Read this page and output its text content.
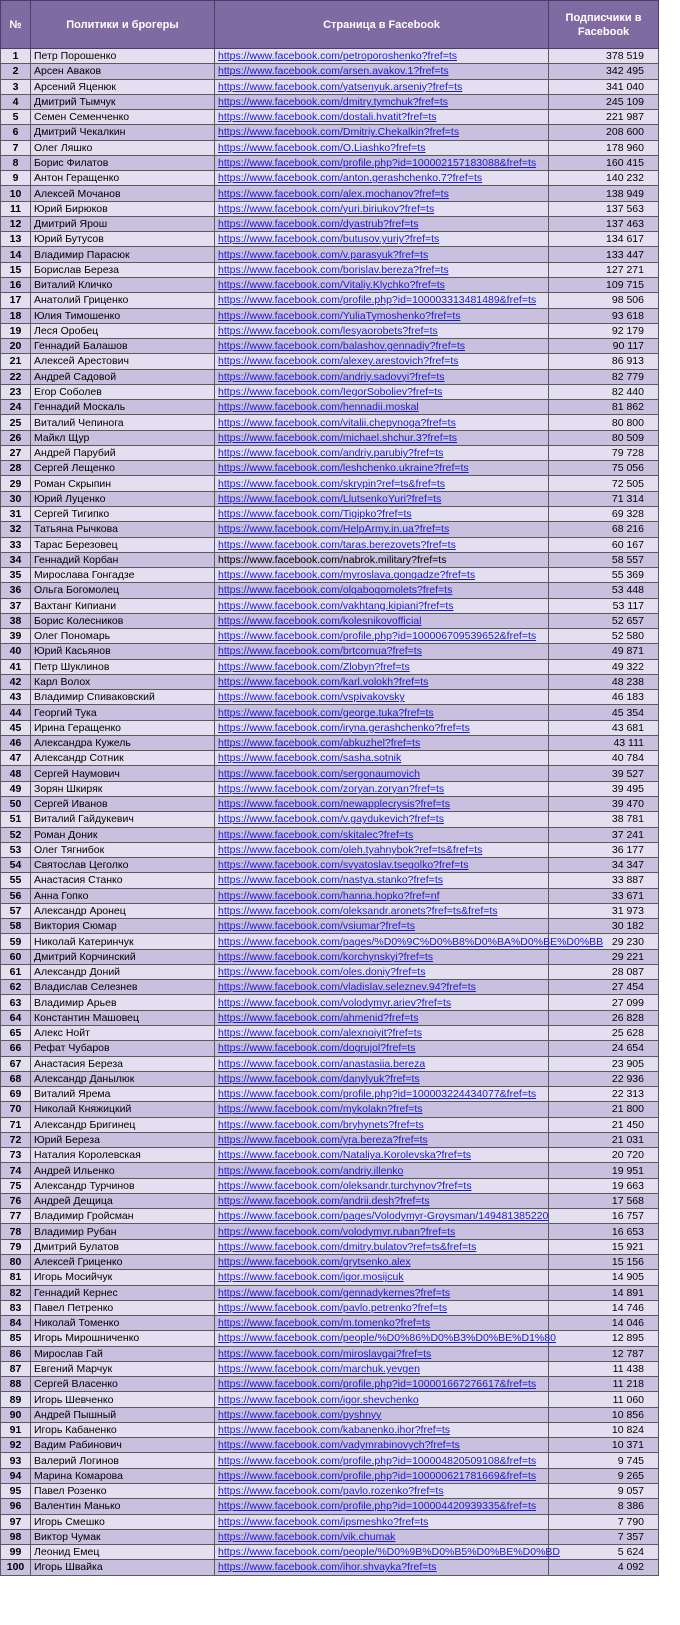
№	Политики и брогеры	Страница в Facebook	Подписчики в Facebook
1	Петр Порошенко	https://www.facebook.com/petroporoshenko?fref=ts	378 519
2	Арсен Аваков	https://www.facebook.com/arsen.avakov.1?fref=ts	342 495
3	Арсений Яценюк	https://www.facebook.com/yatsenyuk.arseniy?fref=ts	341 040
4	Дмитрий Тымчук	https://www.facebook.com/dmitry.tymchuk?fref=ts	245 109
5	Семен Семенченко	https://www.facebook.com/dostali.hvatit?fref=ts	221 987
6	Дмитрий Чекалкин	https://www.facebook.com/Dmitriy.Chekalkin?fref=ts	208 600
7	Олег Ляшко	https://www.facebook.com/O.Liashko?fref=ts	178 960
8	Борис Филатов	https://www.facebook.com/profile.php?id=100002157183088&fref=ts	160 415
9	Антон Геращенко	https://www.facebook.com/anton.gerashchenko.7?fref=ts	140 232
10	Алексей Мочанов	https://www.facebook.com/alex.mochanov?fref=ts	138 949
11	Юрий Бирюков	https://www.facebook.com/yuri.biriukov?fref=ts	137 563
12	Дмитрий Ярош	https://www.facebook.com/dyastrub?fref=ts	137 463
13	Юрий Бутусов	https://www.facebook.com/butusov.yuriy?fref=ts	134 617
14	Владимир Парасюк	https://www.facebook.com/v.parasyuk?fref=ts	133 447
15	Борислав Береза	https://www.facebook.com/borislav.bereza?fref=ts	127 271
16	Виталий Кличко	https://www.facebook.com/Vitaliy.Klychko?fref=ts	109 715
17	Анатолий Гриценко	https://www.facebook.com/profile.php?id=100003313481489&fref=ts	98 506
18	Юлия Тимошенко	https://www.facebook.com/YuliaTymoshenko?fref=ts	93 618
19	Леся Оробец	https://www.facebook.com/lesyaorobets?fref=ts	92 179
20	Геннадий Балашов	https://www.facebook.com/balashov.gennadiy?fref=ts	90 117
21	Алексей Арестович	https://www.facebook.com/alexey.arestovich?fref=ts	86 913
22	Андрей Садовой	https://www.facebook.com/andriy.sadovyi?fref=ts	82 779
23	Егор Соболев	https://www.facebook.com/IegorSoboliev?fref=ts	82 440
24	Геннадий Москаль	https://www.facebook.com/hennadii.moskal	81 862
25	Виталий Чепинога	https://www.facebook.com/vitalii.chepynoga?fref=ts	80 800
26	Майкл Щур	https://www.facebook.com/michael.shchur.3?fref=ts	80 509
27	Андрей Парубий	https://www.facebook.com/andriy.parubiy?fref=ts	79 728
28	Сергей Лещенко	https://www.facebook.com/leshchenko.ukraine?fref=ts	75 056
29	Роман Скрыпин	https://www.facebook.com/skrypin?ref=ts&fref=ts	72 505
30	Юрий Луценко	https://www.facebook.com/LlutsenkoYuri?fref=ts	71 314
31	Сергей Тигипко	https://www.facebook.com/Tigipko?fref=ts	69 328
32	Татьяна Рычкова	https://www.facebook.com/HelpArmy.in.ua?fref=ts	68 216
33	Тарас Березовец	https://www.facebook.com/taras.berezovets?fref=ts	60 167
34	Геннадий Корбан	https://www.facebook.com/nabrok.military?fref=ts	58 557
35	Мирослава Гонгадзе	https://www.facebook.com/myroslava.gongadze?fref=ts	55 369
36	Ольга Богомолец	https://www.facebook.com/olgabogomolets?fref=ts	53 448
37	Вахтанг Кипиани	https://www.facebook.com/vakhtang.kipiani?fref=ts	53 117
38	Борис Колесников	https://www.facebook.com/kolesnikovofficial	52 657
39	Олег Пономарь	https://www.facebook.com/profile.php?id=100006709539652&fref=ts	52 580
40	Юрий Касьянов	https://www.facebook.com/brtcomua?fref=ts	49 871
41	Петр Шуклинов	https://www.facebook.com/Zlobyn?fref=ts	49 322
42	Карл Волох	https://www.facebook.com/karl.volokh?fref=ts	48 238
43	Владимир Спиваковский	https://www.facebook.com/vspivakovsky	46 183
44	Георгий Тука	https://www.facebook.com/george.tuka?fref=ts	45 354
45	Ирина Геращенко	https://www.facebook.com/iryna.gerashchenko?fref=ts	43 681
46	Александра Кужель	https://www.facebook.com/abkuzhel?fref=ts	43 111
47	Александр Сотник	https://www.facebook.com/sasha.sotnik	40 784
48	Сергей Наумович	https://www.facebook.com/sergonaumovich	39 527
49	Зорян Шкиряк	https://www.facebook.com/zoryan.zoryan?fref=ts	39 495
50	Сергей Иванов	https://www.facebook.com/newapplecrysis?fref=ts	39 470
51	Виталий Гайдукевич	https://www.facebook.com/v.gaydukevich?fref=ts	38 781
52	Роман Доник	https://www.facebook.com/skitalec?fref=ts	37 241
53	Олег Тягнибок	https://www.facebook.com/oleh.tyahnybok?ref=ts&fref=ts	36 177
54	Святослав Цеголко	https://www.facebook.com/svyatoslav.tsegolko?fref=ts	34 347
55	Анастасия Станко	https://www.facebook.com/nastya.stanko?fref=ts	33 887
56	Анна Гопко	https://www.facebook.com/hanna.hopko?fref=nf	33 671
57	Александр Аронец	https://www.facebook.com/oleksandr.aronets?fref=ts&fref=ts	31 973
58	Виктория Сюмар	https://www.facebook.com/vsiumar?fref=ts	30 182
59	Николай Катеринчук	https://www.facebook.com/pages/%D0%9C%D0%B8%D0%BA%D0%BE%D0%BB	29 230
60	Дмитрий Корчинский	https://www.facebook.com/korchynskyi?fref=ts	29 221
61	Александр Доний	https://www.facebook.com/oles.doniy?fref=ts	28 087
62	Владислав Селезнев	https://www.facebook.com/vladislav.seleznev.94?fref=ts	27 454
63	Владимир Арьев	https://www.facebook.com/volodymyr.ariev?fref=ts	27 099
64	Константин Машовец	https://www.facebook.com/ahmenid?fref=ts	26 828
65	Алекс Нойт	https://www.facebook.com/alexnoiyit?fref=ts	25 628
66	Рефат Чубаров	https://www.facebook.com/dogrujol?fref=ts	24 654
67	Анастасия Береза	https://www.facebook.com/anastasiia.bereza	23 905
68	Александр Данылюк	https://www.facebook.com/danylyuk?fref=ts	22 936
69	Виталий Ярема	https://www.facebook.com/profile.php?id=100003224434077&fref=ts	22 313
70	Николай Княжицкий	https://www.facebook.com/mykolakn?fref=ts	21 800
71	Александр Бригинец	https://www.facebook.com/bryhynets?fref=ts	21 450
72	Юрий Береза	https://www.facebook.com/yra.bereza?fref=ts	21 031
73	Наталия Королевская	https://www.facebook.com/Nataliya.Korolevska?fref=ts	20 720
74	Андрей Ильенко	https://www.facebook.com/andriy.illenko	19 951
75	Александр Турчинов	https://www.facebook.com/oleksandr.turchynov?fref=ts	19 663
76	Андрей Дещица	https://www.facebook.com/andrii.desh?fref=ts	17 568
77	Владимир Гройсман	https://www.facebook.com/pages/Volodymyr-Groysman/149481385220	16 757
78	Владимир Рубан	https://www.facebook.com/volodymyr.ruban?fref=ts	16 653
79	Дмитрий Булатов	https://www.facebook.com/dmitry.bulatov?ref=ts&fref=ts	15 921
80	Алексей Гриценко	https://www.facebook.com/grytsenko.alex	15 156
81	Игорь Мосийчук	https://www.facebook.com/igor.mosijcuk	14 905
82	Геннадий Кернес	https://www.facebook.com/gennadykernes?fref=ts	14 891
83	Павел Петренко	https://www.facebook.com/pavlo.petrenko?fref=ts	14 746
84	Николай Томенко	https://www.facebook.com/m.tomenko?fref=ts	14 046
85	Игорь Мирошниченко	https://www.facebook.com/people/%D0%86%D0%B3%D0%BE%D1%80	12 895
86	Мирослав Гай	https://www.facebook.com/miroslavgai?fref=ts	12 787
87	Евгений Марчук	https://www.facebook.com/marchuk.yevgen	11 438
88	Сергей Власенко	https://www.facebook.com/profile.php?id=100001667276617&fref=ts	11 218
89	Игорь Шевченко	https://www.facebook.com/igor.shevchenko	11 060
90	Андрей Пышный	https://www.facebook.com/pyshnyy	10 856
91	Игорь Кабаненко	https://www.facebook.com/kabanenko.ihor?fref=ts	10 824
92	Вадим Рабинович	https://www.facebook.com/vadymrabinovych?fref=ts	10 371
93	Валерий Логинов	https://www.facebook.com/profile.php?id=100004820509108&fref=ts	9 745
94	Марина Комарова	https://www.facebook.com/profile.php?id=100000621781669&fref=ts	9 265
95	Павел Розенко	https://www.facebook.com/pavlo.rozenko?fref=ts	9 057
96	Валентин Манько	https://www.facebook.com/profile.php?id=100004420939335&fref=ts	8 386
97	Игорь Смешко	https://www.facebook.com/ipsmeshko?fref=ts	7 790
98	Виктор Чумак	https://www.facebook.com/vik.chumak	7 357
99	Леонид Емец	https://www.facebook.com/people/%D0%9B%D0%B5%D0%BE%D0%BD	5 624
100	Игорь Швайка	https://www.facebook.com/ihor.shvayka?fref=ts	4 092
